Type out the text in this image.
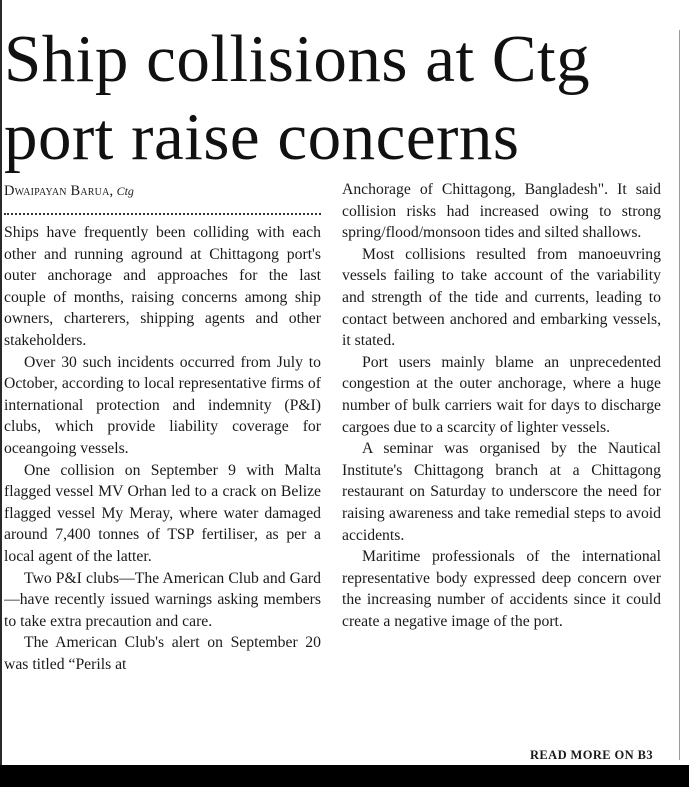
Ship collisions at Ctg port raise concerns
Dwaipayan Barua, Ctg

Ships have frequently been colliding with each other and running aground at Chittagong port's outer anchorage and approaches for the last couple of months, raising concerns among ship owners, charterers, shipping agents and other stakeholders.

Over 30 such incidents occurred from July to October, according to local representative firms of international protection and indemnity (P&I) clubs, which provide liability coverage for oceangoing vessels.

One collision on September 9 with Malta flagged vessel MV Orhan led to a crack on Belize flagged vessel My Meray, where water damaged around 7,400 tonnes of TSP fertiliser, as per a local agent of the latter.

Two P&I clubs—The American Club and Gard—have recently issued warnings asking members to take extra precaution and care.

The American Club's alert on September 20 was titled “Perils at

Anchorage of Chittagong, Bangladesh". It said collision risks had increased owing to strong spring/flood/monsoon tides and silted shallows.

Most collisions resulted from manoeuvring vessels failing to take account of the variability and strength of the tide and currents, leading to contact between anchored and embarking vessels, it stated.

Port users mainly blame an unprecedented congestion at the outer anchorage, where a huge number of bulk carriers wait for days to discharge cargoes due to a scarcity of lighter vessels.

A seminar was organised by the Nautical Institute's Chittagong branch at a Chittagong restaurant on Saturday to underscore the need for raising awareness and take remedial steps to avoid accidents.

Maritime professionals of the international representative body expressed deep concern over the increasing number of accidents since it could create a negative image of the port.

READ MORE ON B3
